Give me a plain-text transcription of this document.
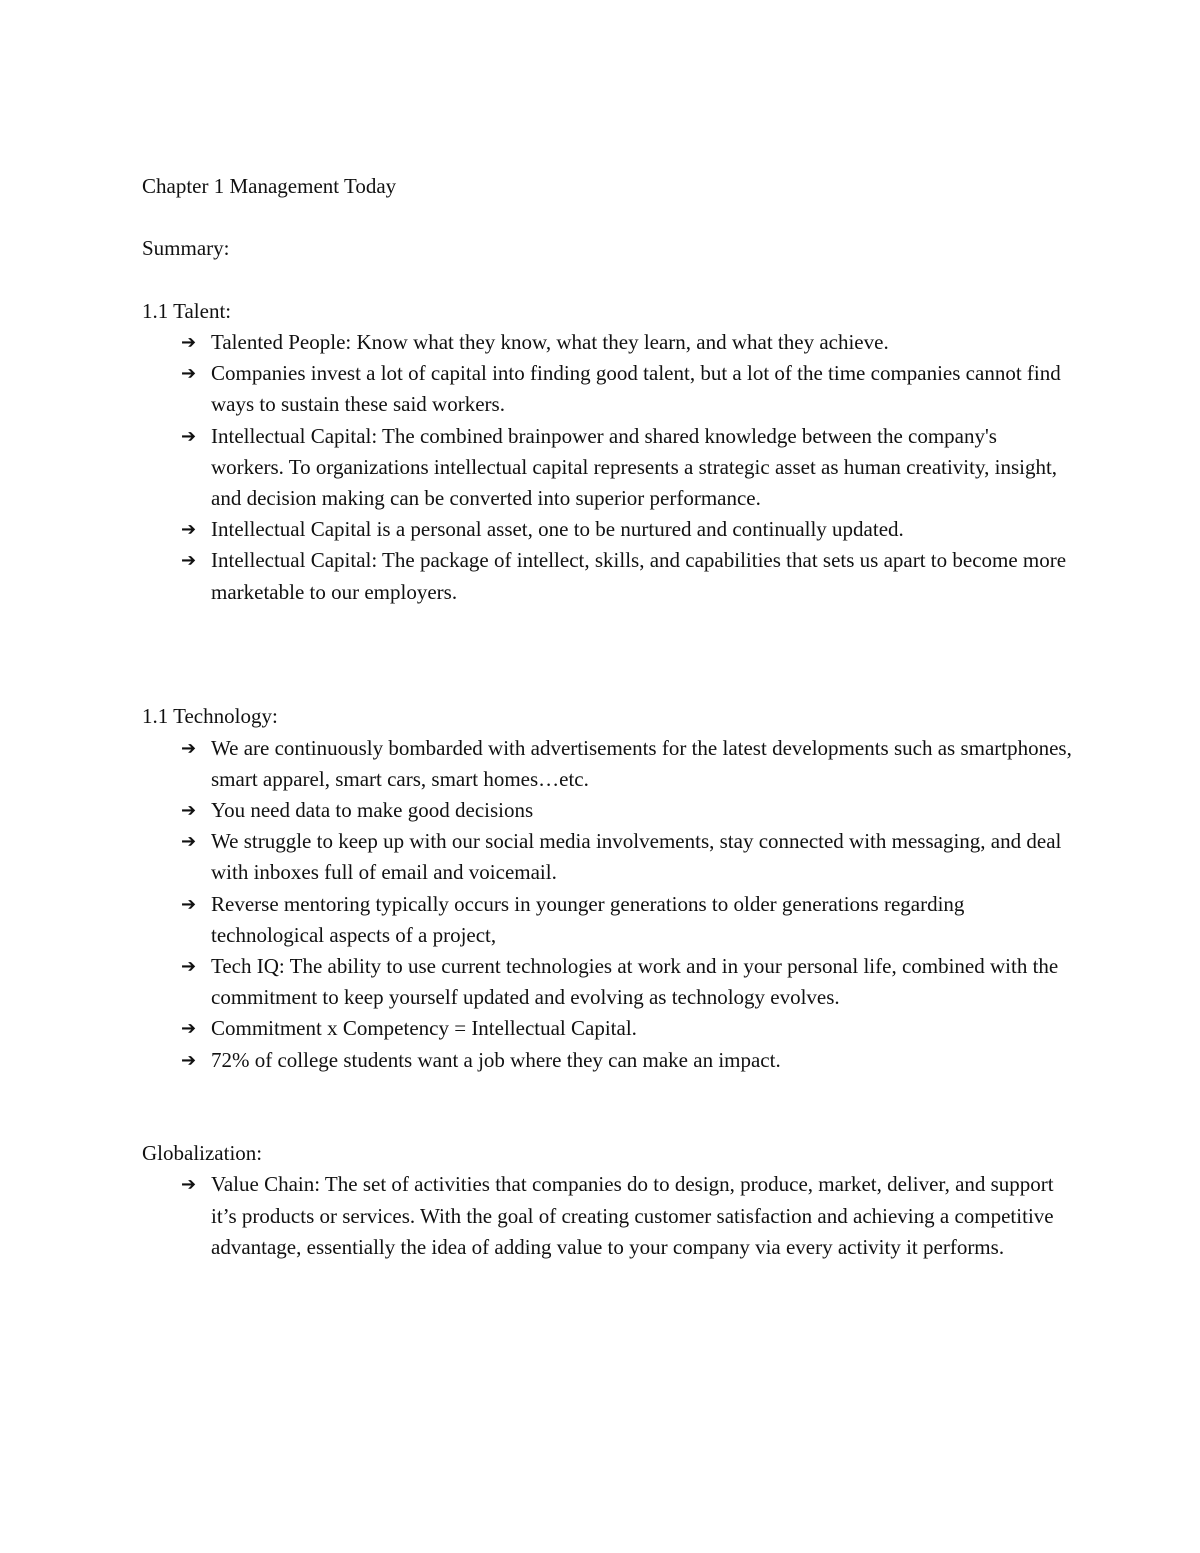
Chapter 1 Management Today

Summary:

1.1 Talent:

➔ Talented People: Know what they know, what they learn, and what they achieve.
➔ Companies invest a lot of capital into finding good talent, but a lot of the time companies cannot find ways to sustain these said workers.
➔ Intellectual Capital: The combined brainpower and shared knowledge between the company's workers. To organizations intellectual capital represents a strategic asset as human creativity, insight, and decision making can be converted into superior performance.
➔ Intellectual Capital is a personal asset, one to be nurtured and continually updated.
➔ Intellectual Capital: The package of intellect, skills, and capabilities that sets us apart to become more marketable to our employers.

1.1 Technology:

➔ We are continuously bombarded with advertisements for the latest developments such as smartphones, smart apparel, smart cars, smart homes…etc.
➔ You need data to make good decisions
➔ We struggle to keep up with our social media involvements, stay connected with messaging, and deal with inboxes full of email and voicemail.
➔ Reverse mentoring typically occurs in younger generations to older generations regarding technological aspects of a project,
➔ Tech IQ: The ability to use current technologies at work and in your personal life, combined with the commitment to keep yourself updated and evolving as technology evolves.
➔ Commitment x Competency = Intellectual Capital.
➔ 72% of college students want a job where they can make an impact.

Globalization:

➔ Value Chain: The set of activities that companies do to design, produce, market, deliver, and support it’s products or services. With the goal of creating customer satisfaction and achieving a competitive advantage, essentially the idea of adding value to your company via every activity it performs.
